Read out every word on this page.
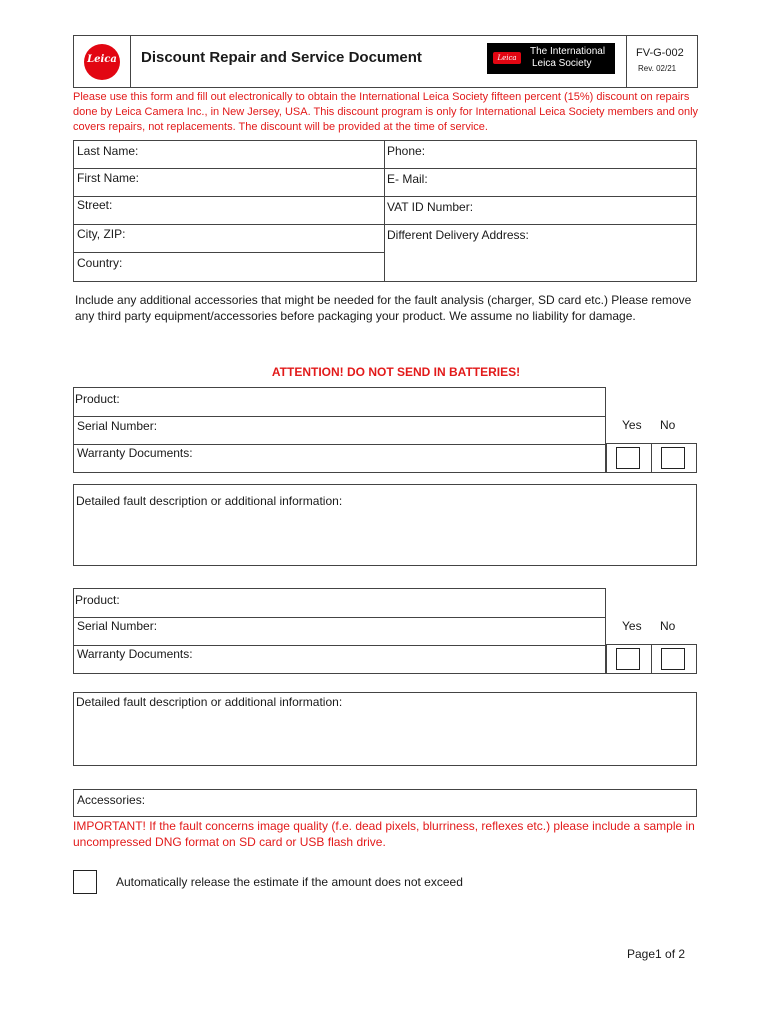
Leica Discount Repair and Service Document	Leica
The International
Leica Society
FV-G-002
Rev. 02/21
Please use this form and fill out electronically to obtain the International Leica Society fifteen percent (15%) discount on repairs done by Leica Camera Inc., in New Jersey, USA. This discount program is only for International Leica Society members and only covers repairs, not replacements. The discount will be provided at the time of service.
Last Name:
First Name:
Street:
City, ZIP:
Country:
Phone:
E- Mail:
VAT ID Number:
Different Delivery Address:
Include any additional accessories that might be needed for the fault analysis (charger, SD card etc.) Please remove any third party equipment/accessories before packaging your product. We assume no liability for damage.
ATTENTION! DO NOT SEND IN BATTERIES!
Product:
Serial Number:
Warranty Documents:
Yes No
Detailed fault description or additional information:
Product:
Serial Number:
Warranty Documents:
Yes No
Detailed fault description or additional information:
Accessories:
IMPORTANT! If the fault concerns image quality (f.e. dead pixels, blurriness, reflexes etc.) please include a sample in uncompressed DNG format on SD card or USB flash drive.
Automatically release the estimate if the amount does not exceed
Page1 of 2
